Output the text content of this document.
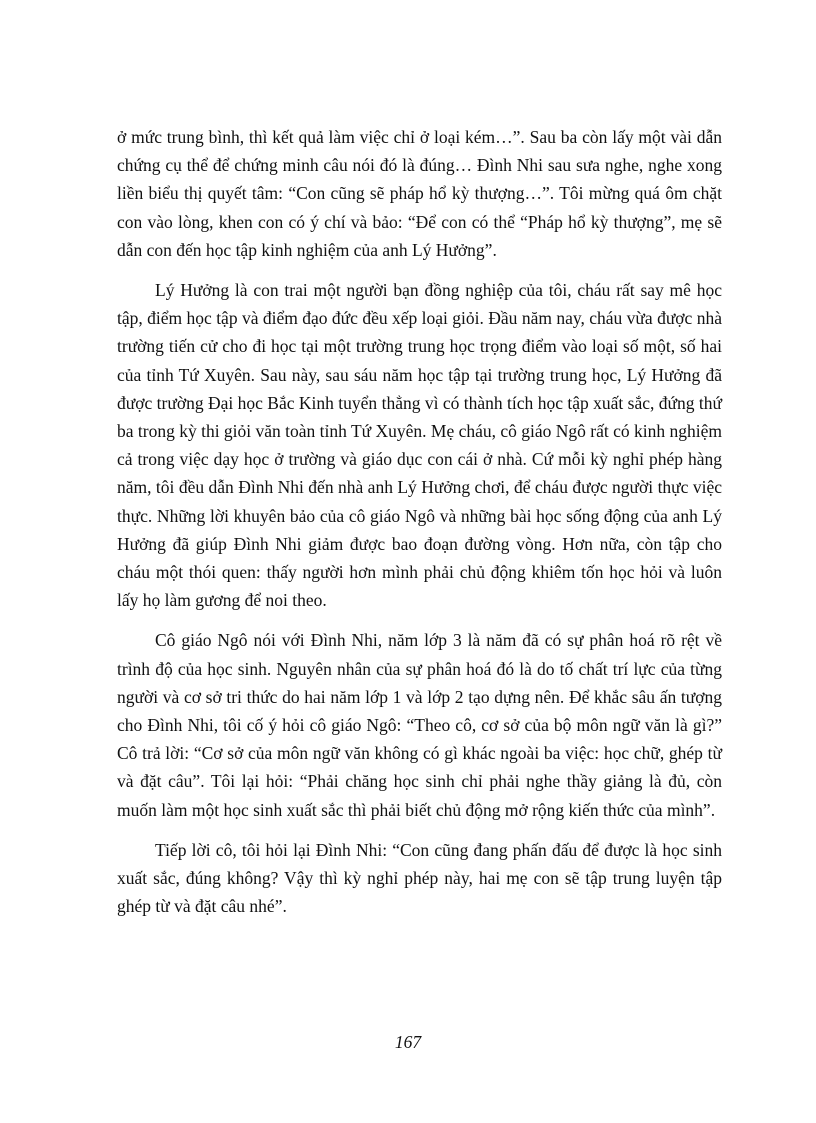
ở mức trung bình, thì kết quả làm việc chỉ ở loại kém…”. Sau ba còn lấy một vài dẫn chứng cụ thể để chứng minh câu nói đó là đúng… Đình Nhi sau sưa nghe, nghe xong liền biểu thị quyết tâm: “Con cũng sẽ pháp hổ kỳ thượng…”. Tôi mừng quá ôm chặt con vào lòng, khen con có ý chí và bảo: “Để con có thể “Pháp hổ kỳ thượng”, mẹ sẽ dẫn con đến học tập kinh nghiệm của anh Lý Hưởng”.

Lý Hưởng là con trai một người bạn đồng nghiệp của tôi, cháu rất say mê học tập, điểm học tập và điểm đạo đức đều xếp loại giỏi. Đầu năm nay, cháu vừa được nhà trường tiến cử cho đi học tại một trường trung học trọng điểm vào loại số một, số hai của tỉnh Tứ Xuyên. Sau này, sau sáu năm học tập tại trường trung học, Lý Hưởng đã được trường Đại học Bắc Kinh tuyển thẳng vì có thành tích học tập xuất sắc, đứng thứ ba trong kỳ thi giỏi văn toàn tỉnh Tứ Xuyên. Mẹ cháu, cô giáo Ngô rất có kinh nghiệm cả trong việc dạy học ở trường và giáo dục con cái ở nhà. Cứ mỗi kỳ nghỉ phép hàng năm, tôi đều dẫn Đình Nhi đến nhà anh Lý Hưởng chơi, để cháu được người thực việc thực. Những lời khuyên bảo của cô giáo Ngô và những bài học sống động của anh Lý Hưởng đã giúp Đình Nhi giảm được bao đoạn đường vòng. Hơn nữa, còn tập cho cháu một thói quen: thấy người hơn mình phải chủ động khiêm tốn học hỏi và luôn lấy họ làm gương để noi theo.

Cô giáo Ngô nói với Đình Nhi, năm lớp 3 là năm đã có sự phân hoá rõ rệt về trình độ của học sinh. Nguyên nhân của sự phân hoá đó là do tố chất trí lực của từng người và cơ sở tri thức do hai năm lớp 1 và lớp 2 tạo dựng nên. Để khắc sâu ấn tượng cho Đình Nhi, tôi cố ý hỏi cô giáo Ngô: “Theo cô, cơ sở của bộ môn ngữ văn là gì?” Cô trả lời: “Cơ sở của môn ngữ văn không có gì khác ngoài ba việc: học chữ, ghép từ và đặt câu”. Tôi lại hỏi: “Phải chăng học sinh chỉ phải nghe thầy giảng là đủ, còn muốn làm một học sinh xuất sắc thì phải biết chủ động mở rộng kiến thức của mình”.

Tiếp lời cô, tôi hỏi lại Đình Nhi: “Con cũng đang phấn đấu để được là học sinh xuất sắc, đúng không? Vậy thì kỳ nghỉ phép này, hai mẹ con sẽ tập trung luyện tập ghép từ và đặt câu nhé”.

167
